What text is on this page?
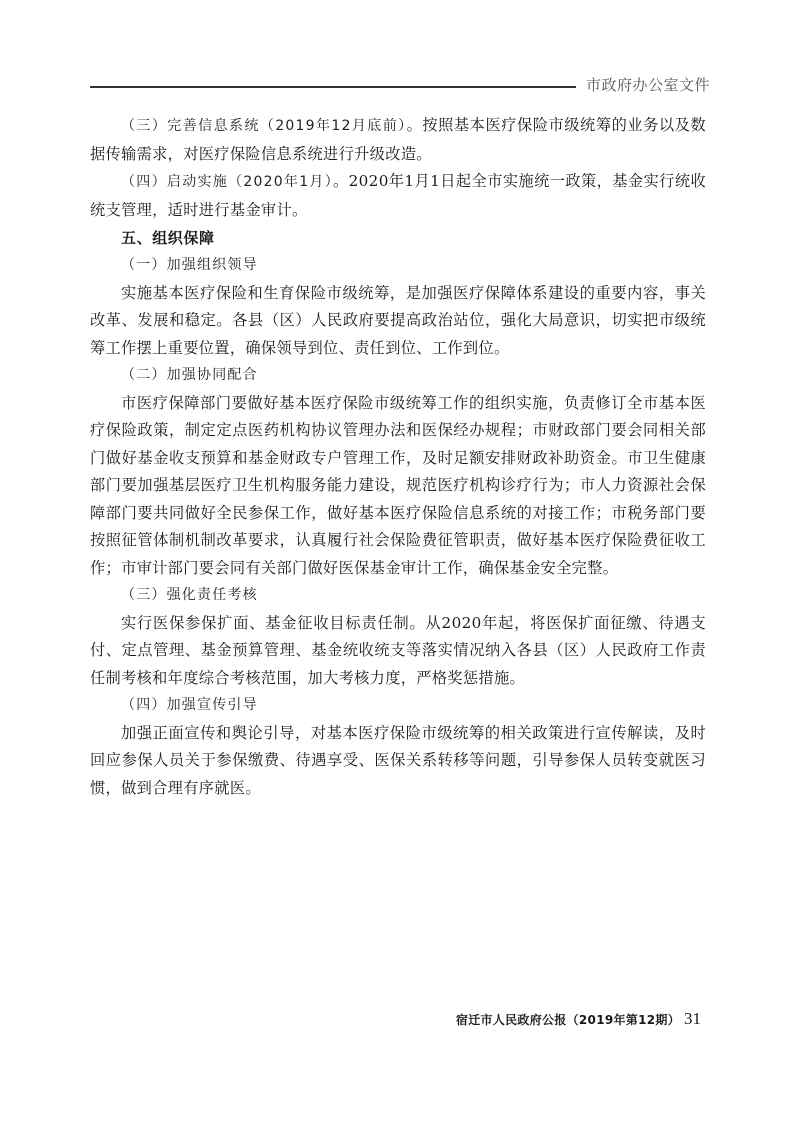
市政府办公室文件

（三）完善信息系统（2019年12月底前）。按照基本医疗保险市级统筹的业务以及数据传输需求，对医疗保险信息系统进行升级改造。

（四）启动实施（2020年1月）。2020年1月1日起全市实施统一政策，基金实行统收统支管理，适时进行基金审计。

五、组织保障

（一）加强组织领导

实施基本医疗保险和生育保险市级统筹，是加强医疗保障体系建设的重要内容，事关改革、发展和稳定。各县（区）人民政府要提高政治站位，强化大局意识，切实把市级统筹工作摆上重要位置，确保领导到位、责任到位、工作到位。

（二）加强协同配合

市医疗保障部门要做好基本医疗保险市级统筹工作的组织实施，负责修订全市基本医疗保险政策，制定定点医药机构协议管理办法和医保经办规程；市财政部门要会同相关部门做好基金收支预算和基金财政专户管理工作，及时足额安排财政补助资金。市卫生健康部门要加强基层医疗卫生机构服务能力建设，规范医疗机构诊疗行为；市人力资源社会保障部门要共同做好全民参保工作，做好基本医疗保险信息系统的对接工作；市税务部门要按照征管体制机制改革要求，认真履行社会保险费征管职责，做好基本医疗保险费征收工作；市审计部门要会同有关部门做好医保基金审计工作，确保基金安全完整。

（三）强化责任考核

实行医保参保扩面、基金征收目标责任制。从2020年起，将医保扩面征缴、待遇支付、定点管理、基金预算管理、基金统收统支等落实情况纳入各县（区）人民政府工作责任制考核和年度综合考核范围，加大考核力度，严格奖惩措施。

（四）加强宣传引导

加强正面宣传和舆论引导，对基本医疗保险市级统筹的相关政策进行宣传解读，及时回应参保人员关于参保缴费、待遇享受、医保关系转移等问题，引导参保人员转变就医习惯，做到合理有序就医。

宿迁市人民政府公报（2019年第12期） 31
